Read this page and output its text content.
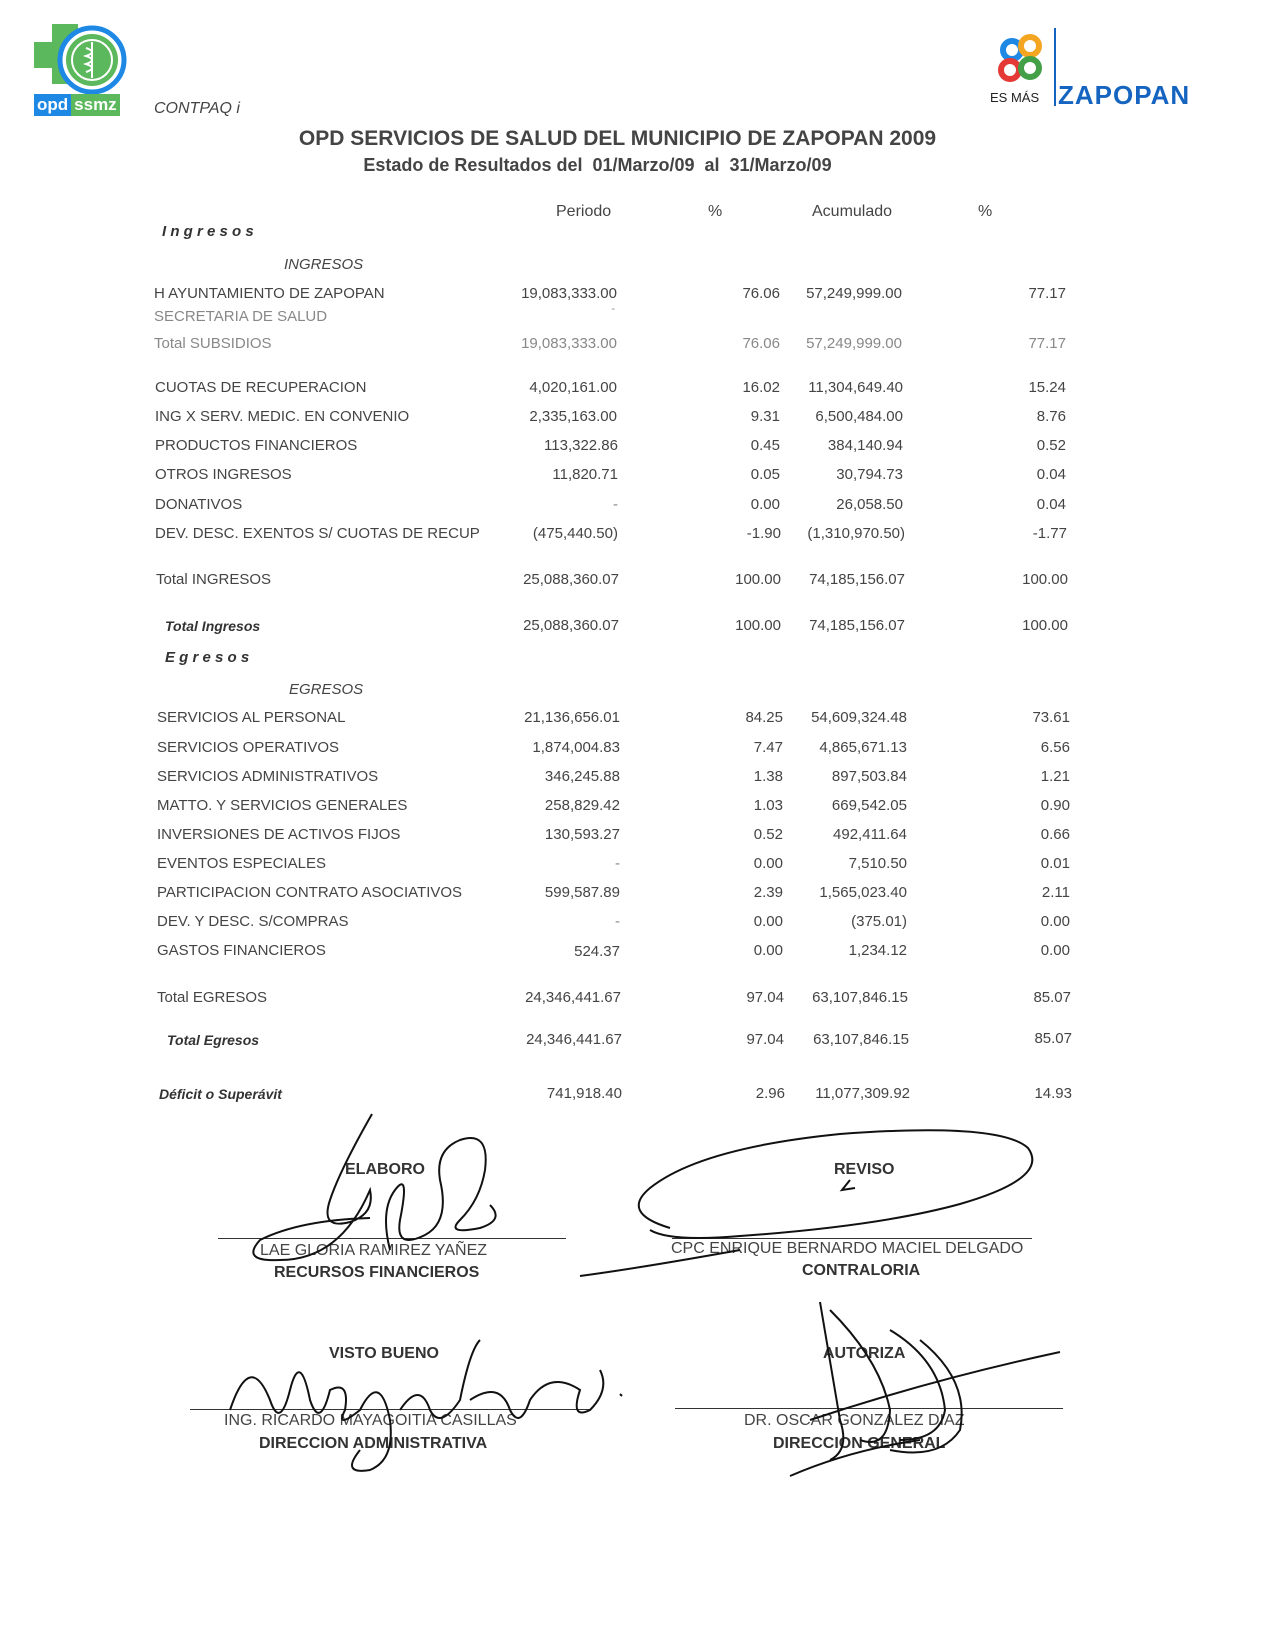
opd ssmz	ES MÁS ZAPOPAN
CONTPAQ i
OPD SERVICIOS DE SALUD DEL MUNICIPIO DE ZAPOPAN 2009
Estado de Resultados del  01/Marzo/09  al  31/Marzo/09
Periodo	%	Acumulado	%
I n g r e s o s
INGRESOS
H AYUNTAMIENTO DE ZAPOPAN	19,083,333.00	76.06 57,249,999.00	77.17
SECRETARIA DE SALUD	-
Total SUBSIDIOS	19,083,333.00	76.06 57,249,999.00	77.17
CUOTAS DE RECUPERACION	4,020,161.00	16.02 11,304,649.40	15.24
ING X SERV. MEDIC. EN CONVENIO	2,335,163.00	9.31 6,500,484.00	8.76
PRODUCTOS FINANCIEROS	113,322.86	0.45	384,140.94	0.52
OTROS INGRESOS	11,820.71	0.05	30,794.73	0.04
DONATIVOS	-	0.00	26,058.50	0.04
DEV. DESC. EXENTOS S/ CUOTAS DE RECUP	(475,440.50)	-1.90 (1,310,970.50)	-1.77
Total INGRESOS	25,088,360.07	100.00 74,185,156.07	100.00
Total Ingresos	25,088,360.07	100.00 74,185,156.07	100.00
E g r e s o s
EGRESOS
SERVICIOS AL PERSONAL	21,136,656.01	84.25 54,609,324.48	73.61
SERVICIOS OPERATIVOS	1,874,004.83	7.47 4,865,671.13	6.56
SERVICIOS ADMINISTRATIVOS	346,245.88	1.38	897,503.84	1.21
MATTO. Y SERVICIOS GENERALES	258,829.42	1.03	669,542.05	0.90
INVERSIONES DE ACTIVOS FIJOS	130,593.27	0.52	492,411.64	0.66
EVENTOS ESPECIALES	-	0.00	7,510.50	0.01
PARTICIPACION CONTRATO ASOCIATIVOS	599,587.89	2.39 1,565,023.40	2.11
DEV. Y DESC. S/COMPRAS	-	0.00	(375.01)	0.00
GASTOS FINANCIEROS	524.37	0.00	1,234.12	0.00
Total EGRESOS	24,346,441.67	97.04 63,107,846.15	85.07
Total Egresos	24,346,441.67	97.04 63,107,846.15	85.07
Déficit o Superávit	741,918.40	2.96 11,077,309.92	14.93
ELABORO
LAE GLORIA RAMIREZ YAÑEZ
RECURSOS FINANCIEROS
REVISO
CPC ENRIQUE BERNARDO MACIEL DELGADO
CONTRALORIA
VISTO BUENO
ING. RICARDO MAYAGOITIA CASILLAS
DIRECCION ADMINISTRATIVA
AUTORIZA
DR. OSCAR GONZALEZ DIAZ
DIRECCION GENERAL
